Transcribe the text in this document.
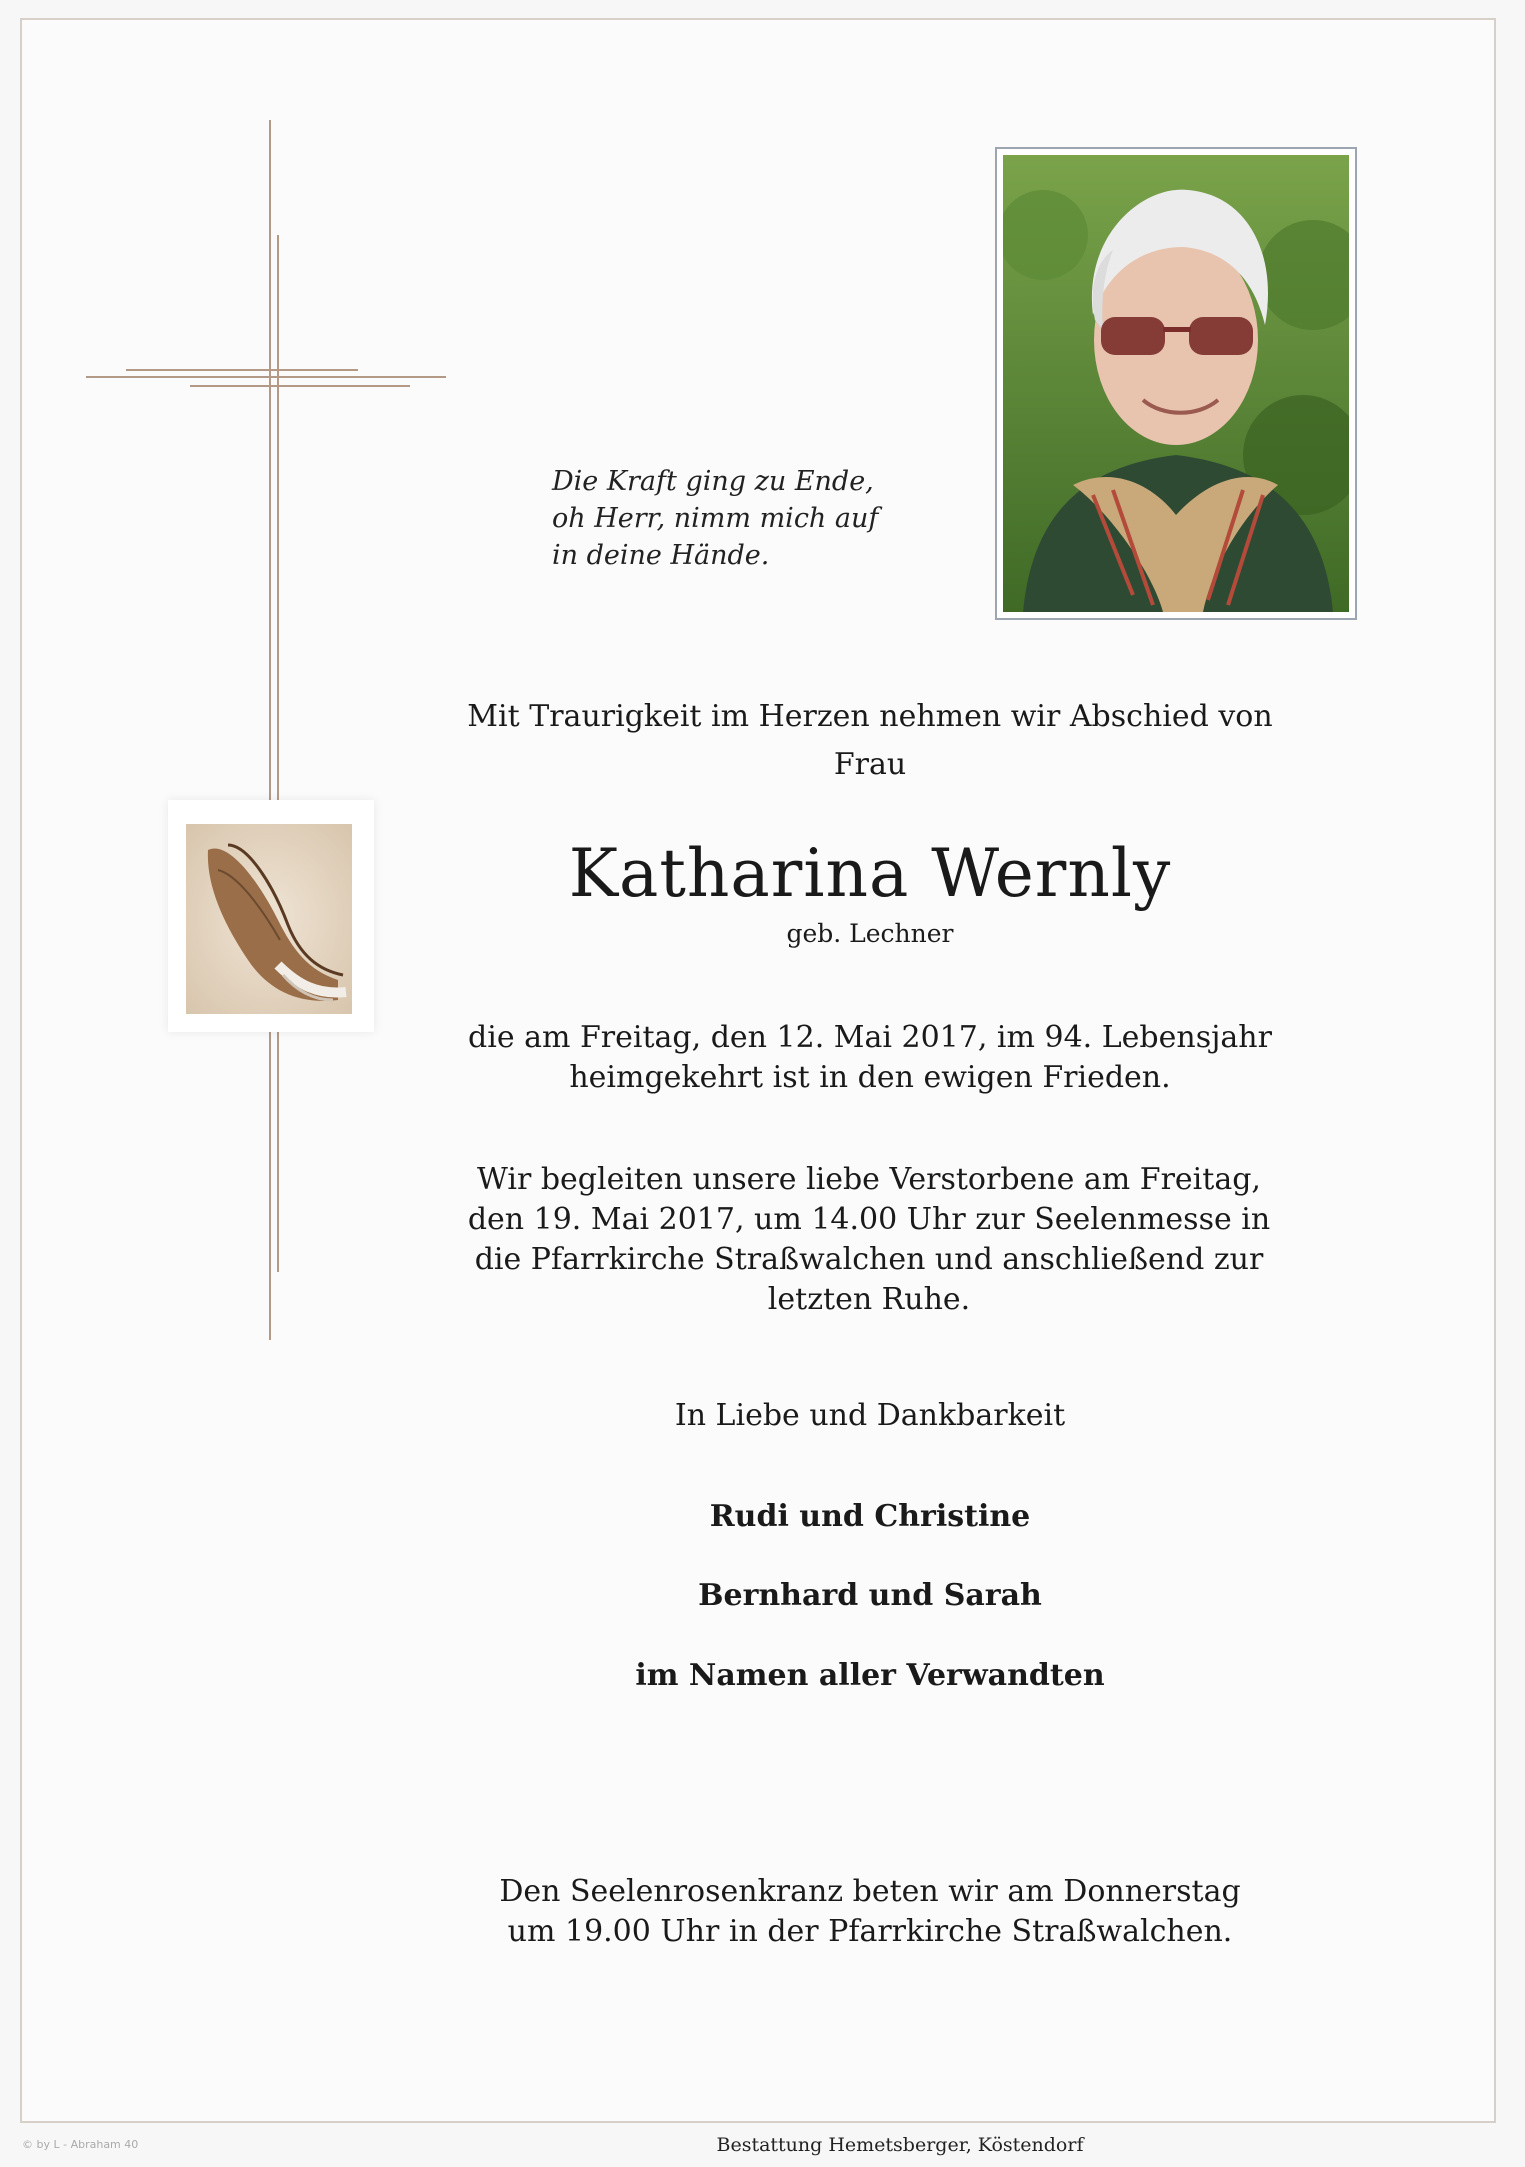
Die Kraft ging zu Ende,
oh Herr, nimm mich auf
in deine Hände.
Mit Traurigkeit im Herzen nehmen wir Abschied von
Frau
Katharina Wernly
geb. Lechner
die am Freitag, den 12. Mai 2017, im 94. Lebensjahr
heimgekehrt ist in den ewigen Frieden.
Wir begleiten unsere liebe Verstorbene am Freitag,
den 19. Mai 2017, um 14.00 Uhr zur Seelenmesse in
die Pfarrkirche Straßwalchen und anschließend zur
letzten Ruhe.
In Liebe und Dankbarkeit
Rudi und Christine
Bernhard und Sarah
im Namen aller Verwandten
Den Seelenrosenkranz beten wir am Donnerstag
um 19.00 Uhr in der Pfarrkirche Straßwalchen.
© by L - Abraham 40	Bestattung Hemetsberger, Köstendorf
